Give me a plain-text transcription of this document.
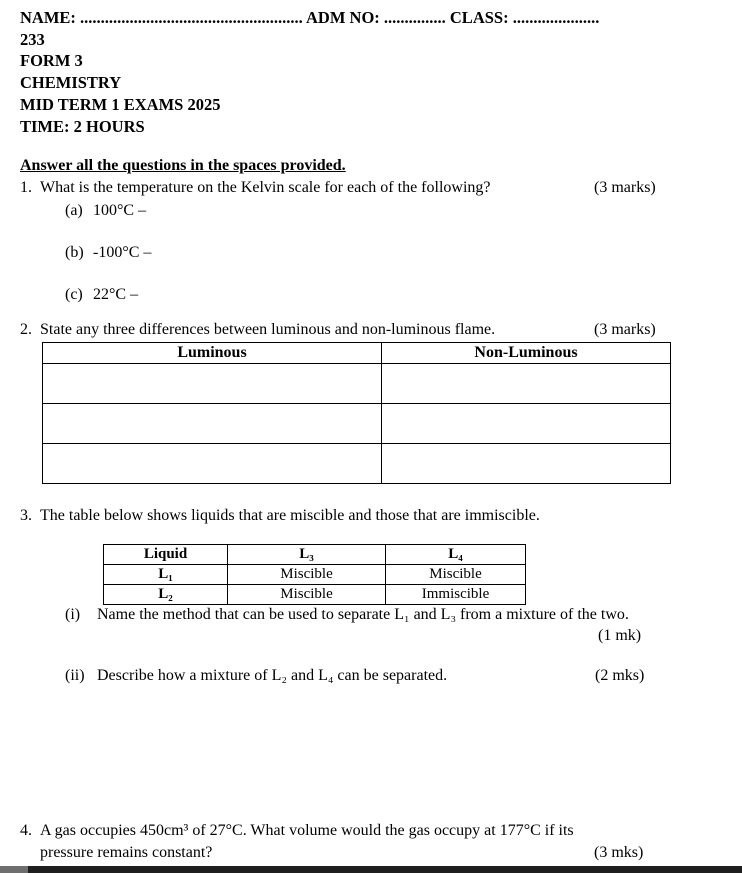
NAME: ...................................................... ADM NO: ............... CLASS: .....................
233
FORM 3
CHEMISTRY
MID TERM 1 EXAMS 2025
TIME: 2 HOURS
Answer all the questions in the spaces provided.
1. What is the temperature on the Kelvin scale for each of the following?	(3 marks)
(a) 100°C –
(b) -100°C –
(c) 22°C –
2. State any three differences between luminous and non-luminous flame.	(3 marks)
Luminous	Non-Luminous

3. The table below shows liquids that are miscible and those that are immiscible.
Liquid	L₃	L₄
L₁	Miscible	Miscible
L₂	Miscible	Immiscible
(i) Name the method that can be used to separate L₁ and L₃ from a mixture of the two.
(1 mk)
(ii) Describe how a mixture of L₂ and L₄ can be separated.	(2 mks)
4. A gas occupies 450cm³ of 27°C. What volume would the gas occupy at 177°C if its
pressure remains constant?	(3 mks)
